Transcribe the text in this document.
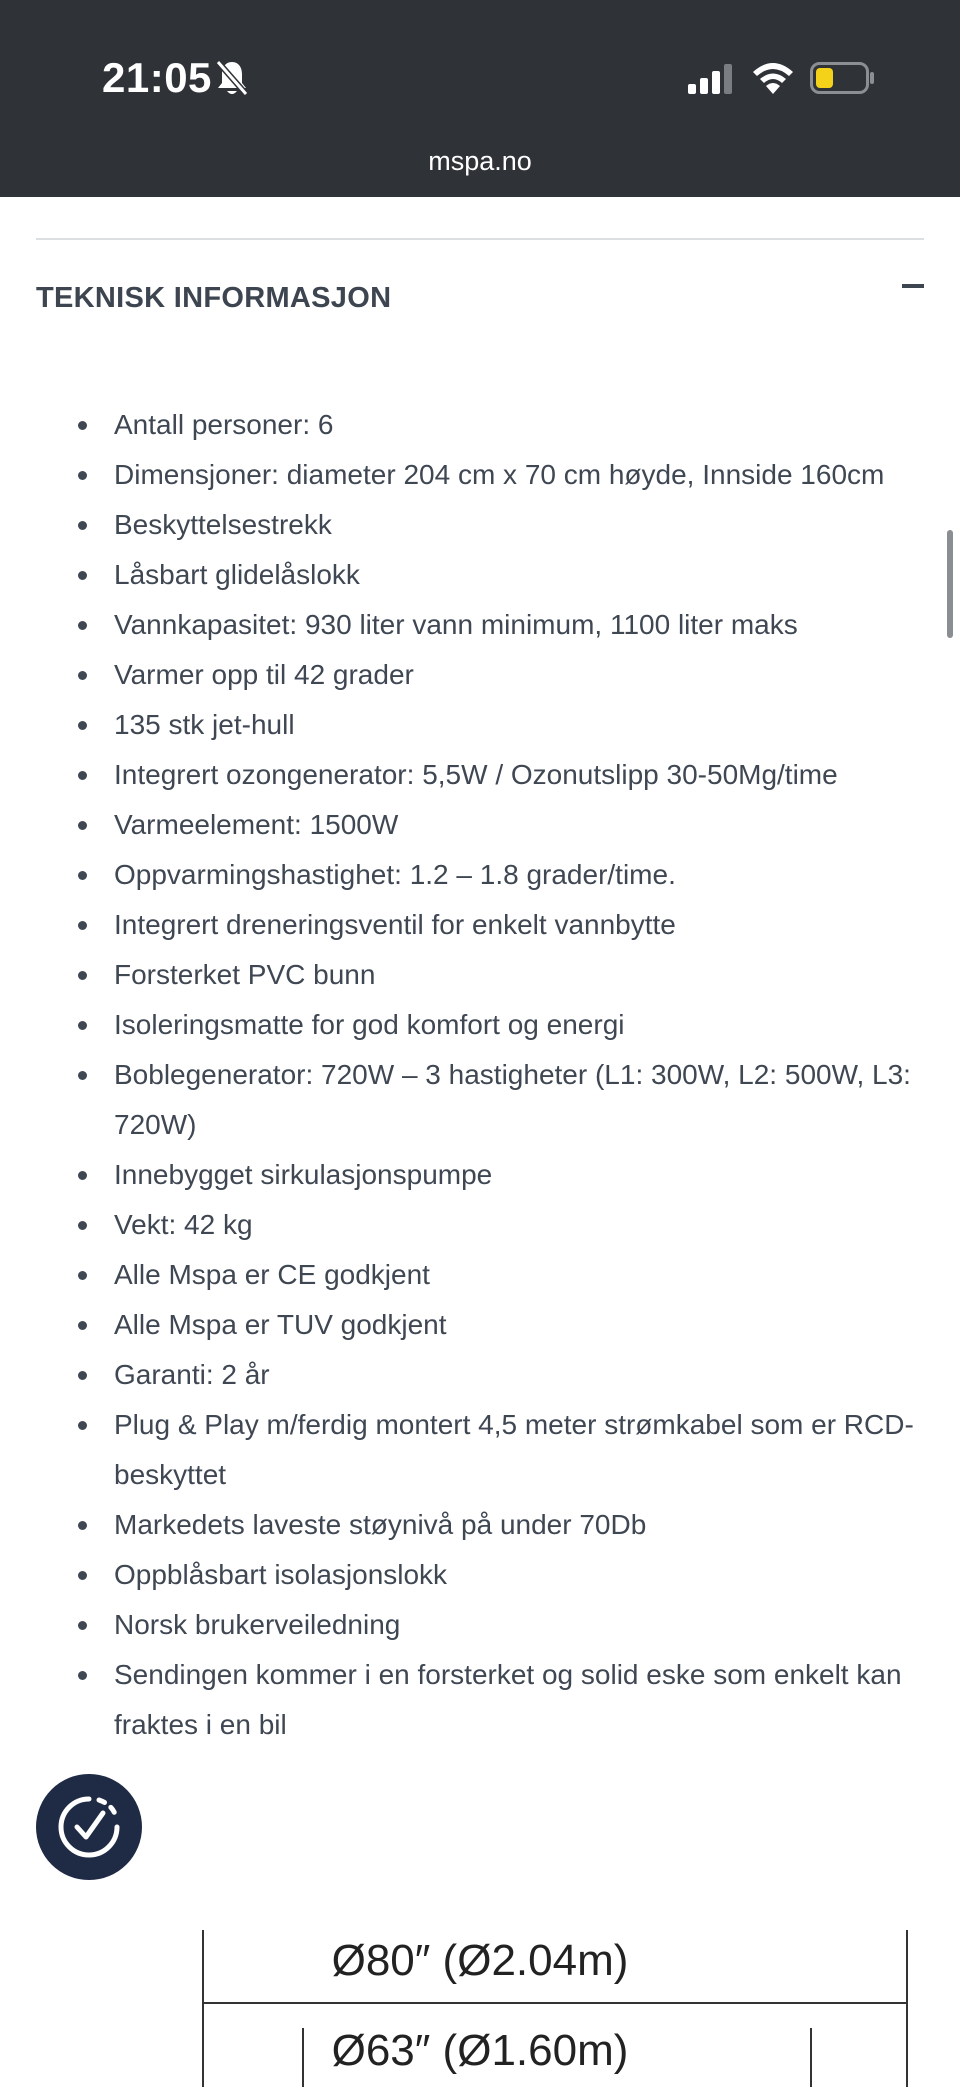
21:05
mspa.no
TEKNISK INFORMASJON
Antall personer: 6
Dimensjoner: diameter 204 cm x 70 cm høyde, Innside 160cm
Beskyttelsestrekk
Låsbart glidelåslokk
Vannkapasitet: 930 liter vann minimum, 1100 liter maks
Varmer opp til 42 grader
135 stk jet-hull
Integrert ozongenerator: 5,5W / Ozonutslipp 30-50Mg/time
Varmeelement: 1500W
Oppvarmingshastighet: 1.2 – 1.8 grader/time.
Integrert dreneringsventil for enkelt vannbytte
Forsterket PVC bunn
Isoleringsmatte for god komfort og energi
Boblegenerator: 720W – 3 hastigheter (L1: 300W, L2: 500W, L3: 720W)
Innebygget sirkulasjonspumpe
Vekt: 42 kg
Alle Mspa er CE godkjent
Alle Mspa er TUV godkjent
Garanti: 2 år
Plug & Play m/ferdig montert 4,5 meter strømkabel som er RCD-beskyttet
Markedets laveste støynivå på under 70Db
Oppblåsbart isolasjonslokk
Norsk brukerveiledning
Sendingen kommer i en forsterket og solid eske som enkelt kan fraktes i en bil
Ø80″ (Ø2.04m)
Ø63″ (Ø1.60m)
